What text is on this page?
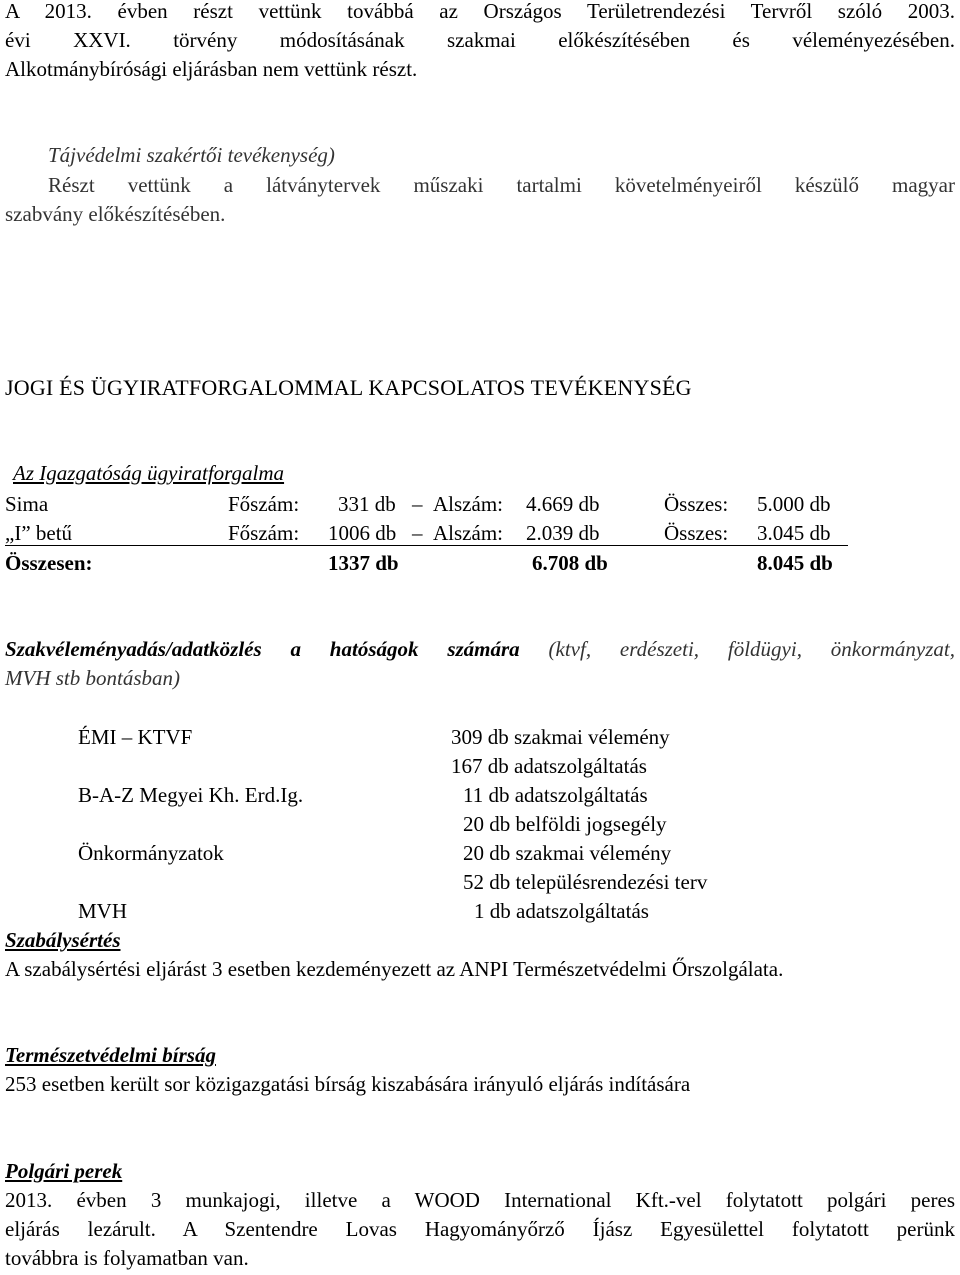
A 2013. évben részt vettünk továbbá az Országos Területrendezési Tervről szóló 2003.
évi XXVI. törvény módosításának szakmai előkészítésében és véleményezésében.
Alkotmánybírósági eljárásban nem vettünk részt.
Tájvédelmi szakértői tevékenység)
Részt vettünk a látványtervek műszaki tartalmi követelményeiről készülő magyar
szabvány előkészítésében.
JOGI ÉS ÜGYIRATFORGALOMMAL KAPCSOLATOS TEVÉKENYSÉG
Az Igazgatóság ügyiratforgalma
Sima	Főszám: 331 db – Alszám: 4.669 db	Összes: 5.000 db
„I” betű	Főszám: 1006 db – Alszám: 2.039 db	Összes: 3.045 db
Összesen:	1337 db	6.708 db	8.045 db
Szakvéleményadás/adatközlés a hatóságok számára (ktvf, erdészeti, földügyi, önkormányzat,
MVH stb bontásban)
ÉMI – KTVF	309 db szakmai vélemény
167 db adatszolgáltatás
B-A-Z Megyei Kh. Erd.Ig.	11 db adatszolgáltatás
20 db belföldi jogsegély
Önkormányzatok	20 db szakmai vélemény
52 db településrendezési terv
MVH	1 db adatszolgáltatás
Szabálysértés
A szabálysértési eljárást 3 esetben kezdeményezett az ANPI Természetvédelmi Őrszolgálata.
Természetvédelmi bírság
253 esetben került sor közigazgatási bírság kiszabására irányuló eljárás indítására
Polgári perek
2013. évben 3 munkajogi, illetve a WOOD International Kft.-vel folytatott polgári peres
eljárás lezárult. A Szentendre Lovas Hagyományőrző Íjász Egyesülettel folytatott perünk
továbbra is folyamatban van.
